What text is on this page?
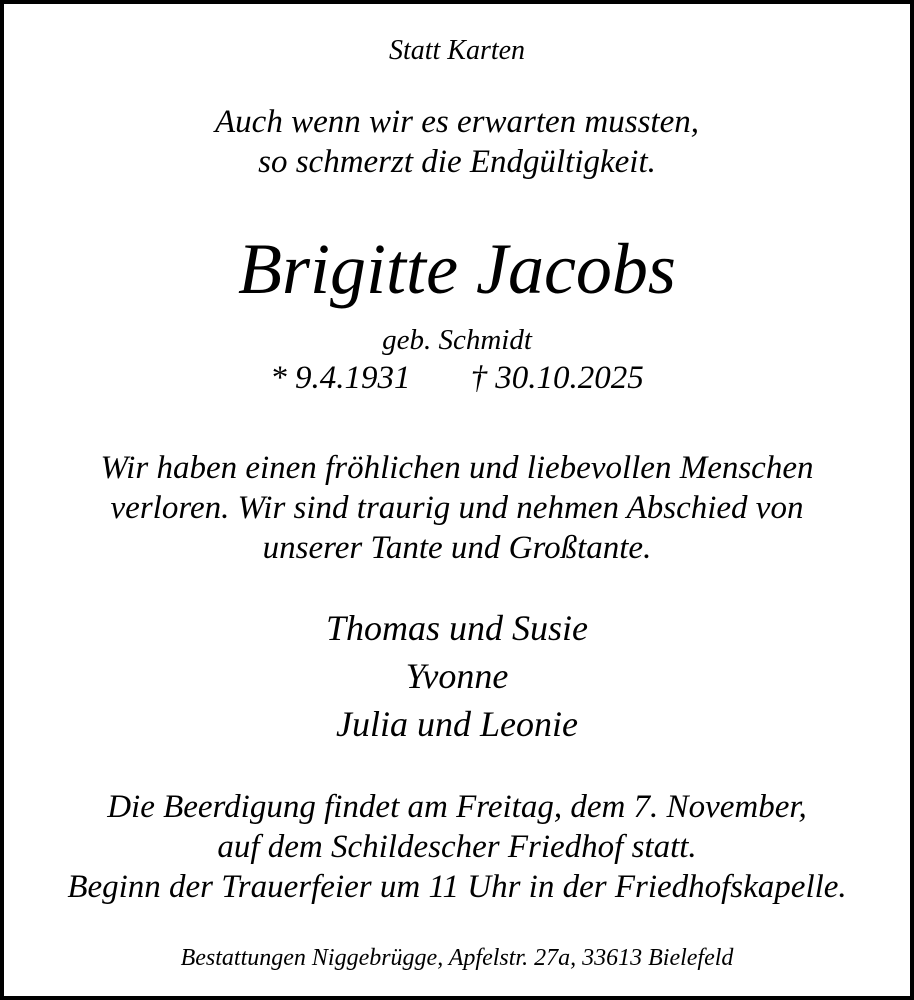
Statt Karten
Auch wenn wir es erwarten mussten,
so schmerzt die Endgültigkeit.
Brigitte Jacobs
geb. Schmidt
* 9.4.1931 † 30.10.2025
Wir haben einen fröhlichen und liebevollen Menschen
verloren. Wir sind traurig und nehmen Abschied von
unserer Tante und Großtante.
Thomas und Susie
Yvonne
Julia und Leonie
Die Beerdigung findet am Freitag, dem 7. November,
auf dem Schildescher Friedhof statt.
Beginn der Trauerfeier um 11 Uhr in der Friedhofskapelle.
Bestattungen Niggebrügge, Apfelstr. 27a, 33613 Bielefeld
